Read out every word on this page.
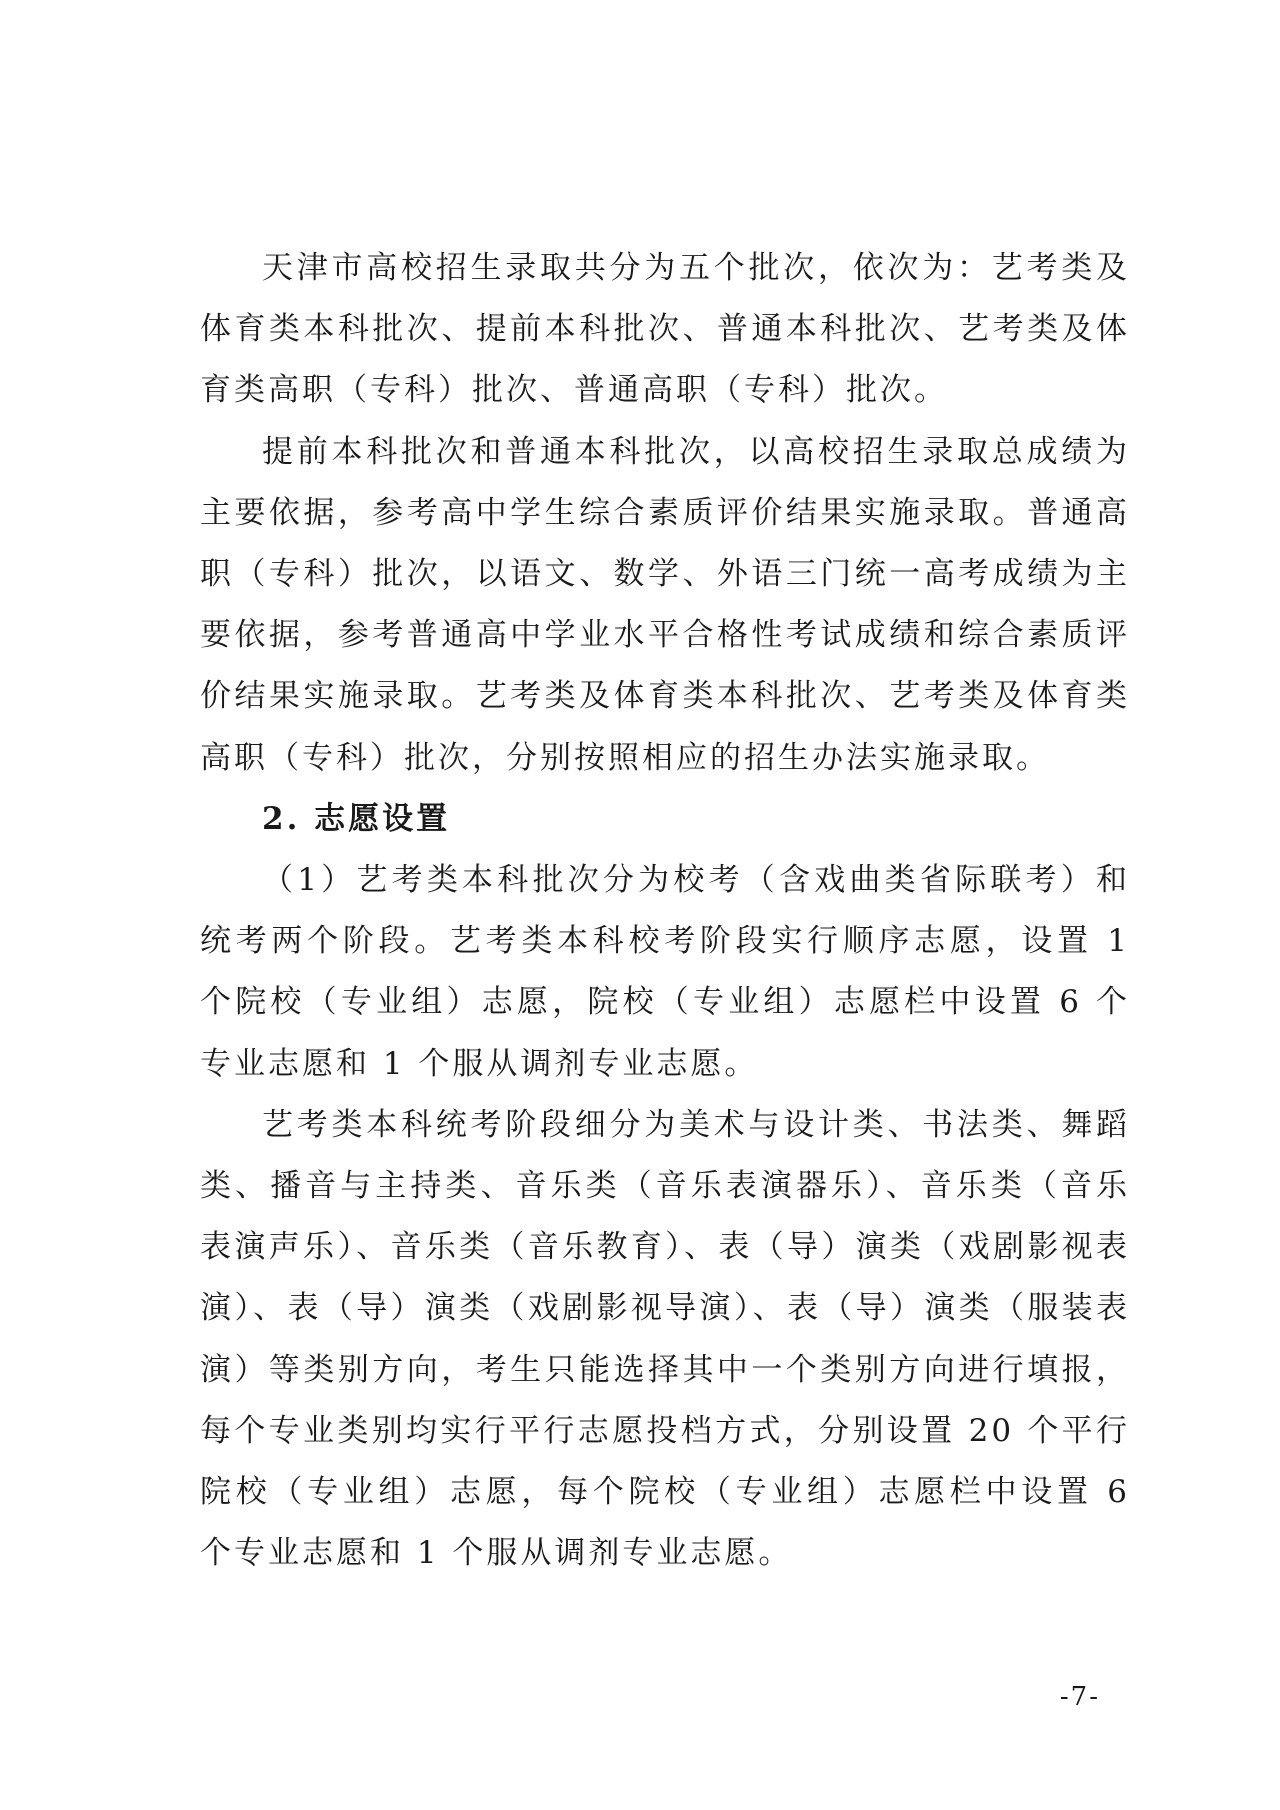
天津市高校招生录取共分为五个批次，依次为：艺考类及体育类本科批次、提前本科批次、普通本科批次、艺考类及体育类高职（专科）批次、普通高职（专科）批次。

提前本科批次和普通本科批次，以高校招生录取总成绩为主要依据，参考高中学生综合素质评价结果实施录取。普通高职（专科）批次，以语文、数学、外语三门统一高考成绩为主要依据，参考普通高中学业水平合格性考试成绩和综合素质评价结果实施录取。艺考类及体育类本科批次、艺考类及体育类高职（专科）批次，分别按照相应的招生办法实施录取。

2. 志愿设置

（1）艺考类本科批次分为校考（含戏曲类省际联考）和统考两个阶段。艺考类本科校考阶段实行顺序志愿，设置 1 个院校（专业组）志愿，院校（专业组）志愿栏中设置 6 个专业志愿和 1 个服从调剂专业志愿。

艺考类本科统考阶段细分为美术与设计类、书法类、舞蹈类、播音与主持类、音乐类（音乐表演器乐）、音乐类（音乐表演声乐）、音乐类（音乐教育）、表（导）演类（戏剧影视表演）、表（导）演类（戏剧影视导演）、表（导）演类（服装表演）等类别方向，考生只能选择其中一个类别方向进行填报，每个专业类别均实行平行志愿投档方式，分别设置 20 个平行院校（专业组）志愿，每个院校（专业组）志愿栏中设置 6 个专业志愿和 1 个服从调剂专业志愿。

-7-
